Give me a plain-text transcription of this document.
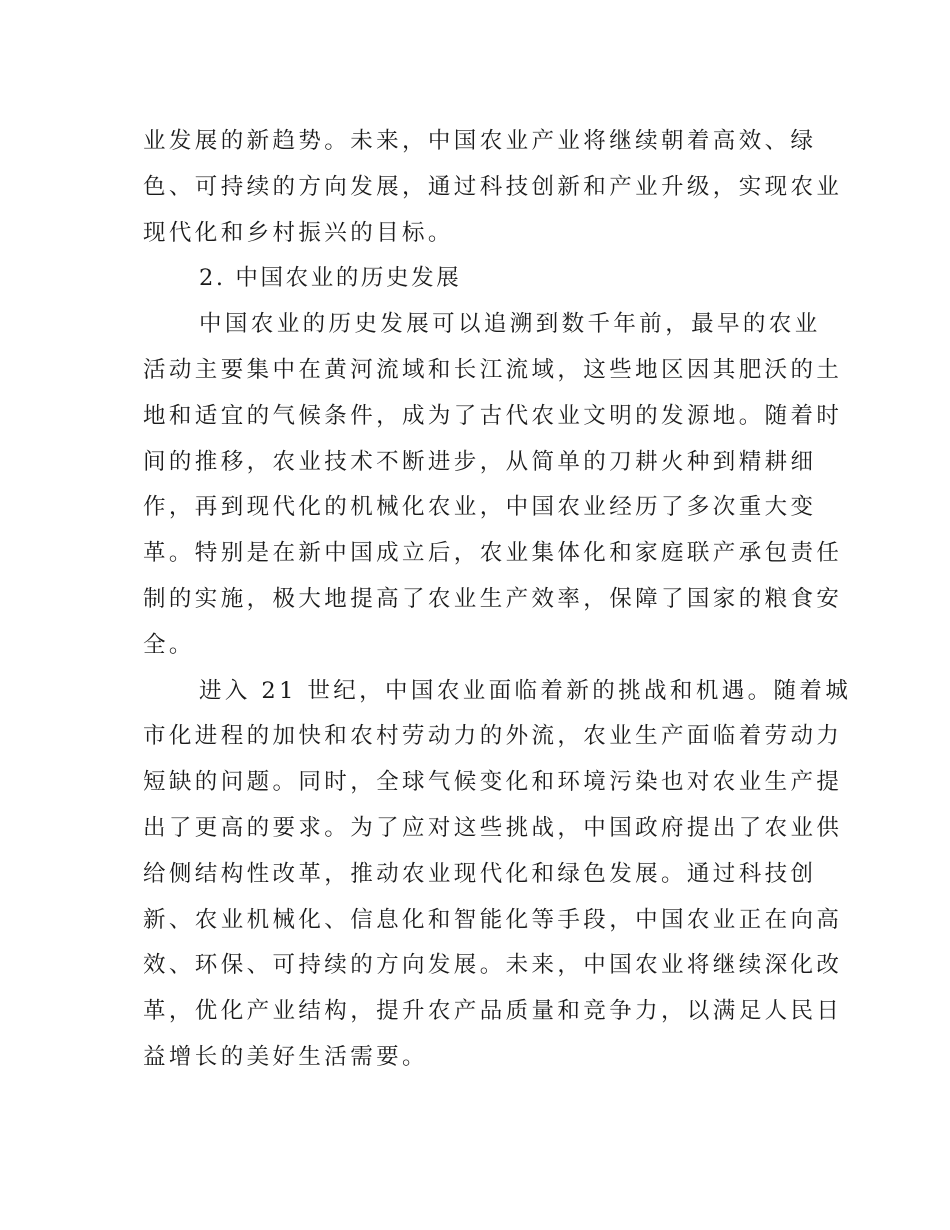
业发展的新趋势。未来，中国农业产业将继续朝着高效、绿
色、可持续的方向发展，通过科技创新和产业升级，实现农业
现代化和乡村振兴的目标。
2. 中国农业的历史发展
中国农业的历史发展可以追溯到数千年前，最早的农业
活动主要集中在黄河流域和长江流域，这些地区因其肥沃的土
地和适宜的气候条件，成为了古代农业文明的发源地。随着时
间的推移，农业技术不断进步，从简单的刀耕火种到精耕细
作，再到现代化的机械化农业，中国农业经历了多次重大变
革。特别是在新中国成立后，农业集体化和家庭联产承包责任
制的实施，极大地提高了农业生产效率，保障了国家的粮食安
全。
进入 21 世纪，中国农业面临着新的挑战和机遇。随着城
市化进程的加快和农村劳动力的外流，农业生产面临着劳动力
短缺的问题。同时，全球气候变化和环境污染也对农业生产提
出了更高的要求。为了应对这些挑战，中国政府提出了农业供
给侧结构性改革，推动农业现代化和绿色发展。通过科技创
新、农业机械化、信息化和智能化等手段，中国农业正在向高
效、环保、可持续的方向发展。未来，中国农业将继续深化改
革，优化产业结构，提升农产品质量和竞争力，以满足人民日
益增长的美好生活需要。
